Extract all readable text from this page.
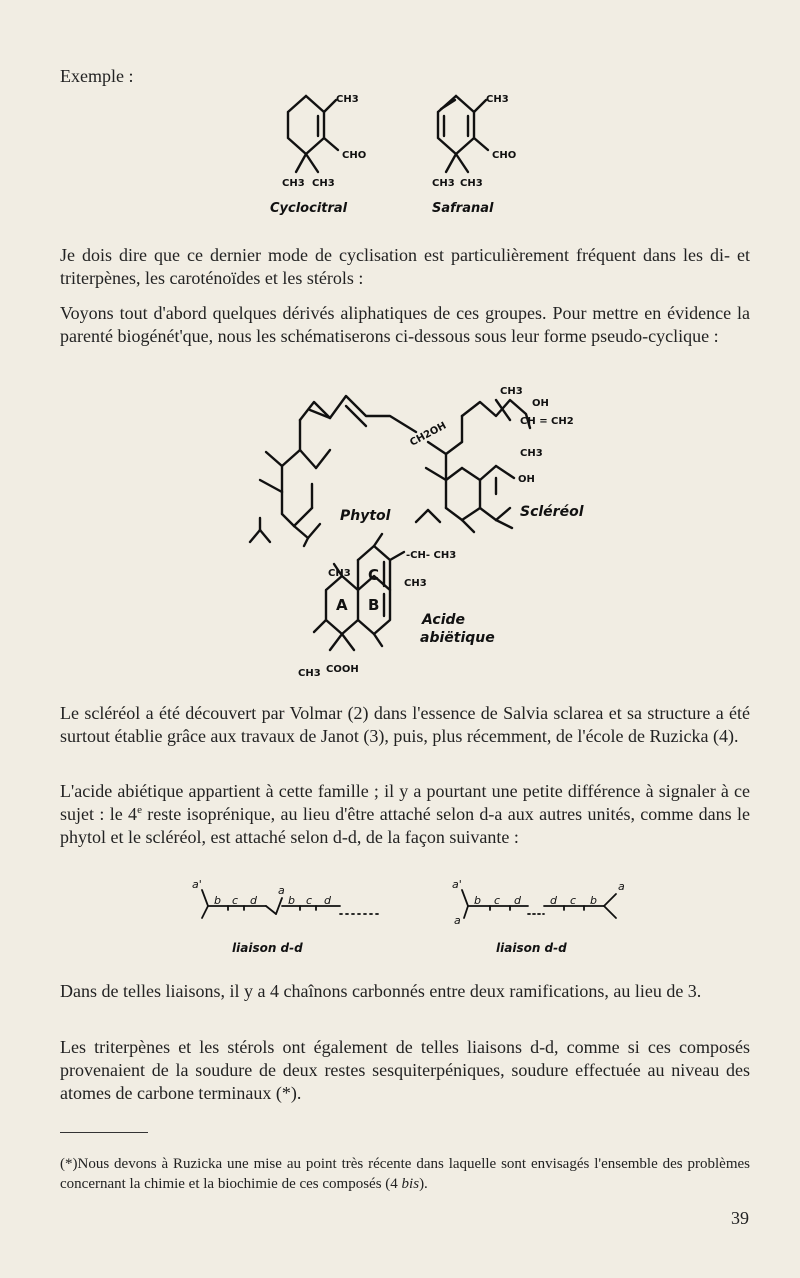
Exemple :
CH3
CHO
CH3 CH3
CH3
CHO
CH3 CH3
Cyclocitral	Safranal
Je dois dire que ce dernier mode de cyclisation est particulièrement fréquent dans les di- et triterpènes, les caroténoïdes et les stérols :
Voyons tout d'abord quelques dérivés aliphatiques de ces groupes. Pour mettre en évidence la parenté biogénét'que, nous les schématiserons ci-dessous sous leur forme pseudo-cyclique :
CH2OH
CH3
OH
CH = CH2
CH3
OH
-CH- CH3
CH3
CH3
CH3 COOH
A B
C
Phytol	Scléréol
Acide
abiëtique
Le scléréol a été découvert par Volmar (2) dans l'essence de Salvia sclarea et sa structure a été surtout établie grâce aux travaux de Janot (3), puis, plus récemment, de l'école de Ruzicka (4).
L'acide abiétique appartient à cette famille ; il y a pourtant une petite différence à signaler à ce sujet : le 4e reste isoprénique, au lieu d'être attaché selon d-a aux autres unités, comme dans le phytol et le scléréol, est attaché selon d-d, de la façon suivante :
a'
b c d
a
b c d
a'
b c d	d c b
a
a
liaison d-d	liaison d-d
Dans de telles liaisons, il y a 4 chaînons carbonnés entre deux ramifications, au lieu de 3.
Les triterpènes et les stérols ont également de telles liaisons d-d, comme si ces composés provenaient de la soudure de deux restes sesquiterpéniques, soudure effectuée au niveau des atomes de carbone terminaux (*).
(*)Nous devons à Ruzicka une mise au point très récente dans laquelle sont envisagés l'ensemble des problèmes concernant la chimie et la biochimie de ces composés (4 bis).
39
